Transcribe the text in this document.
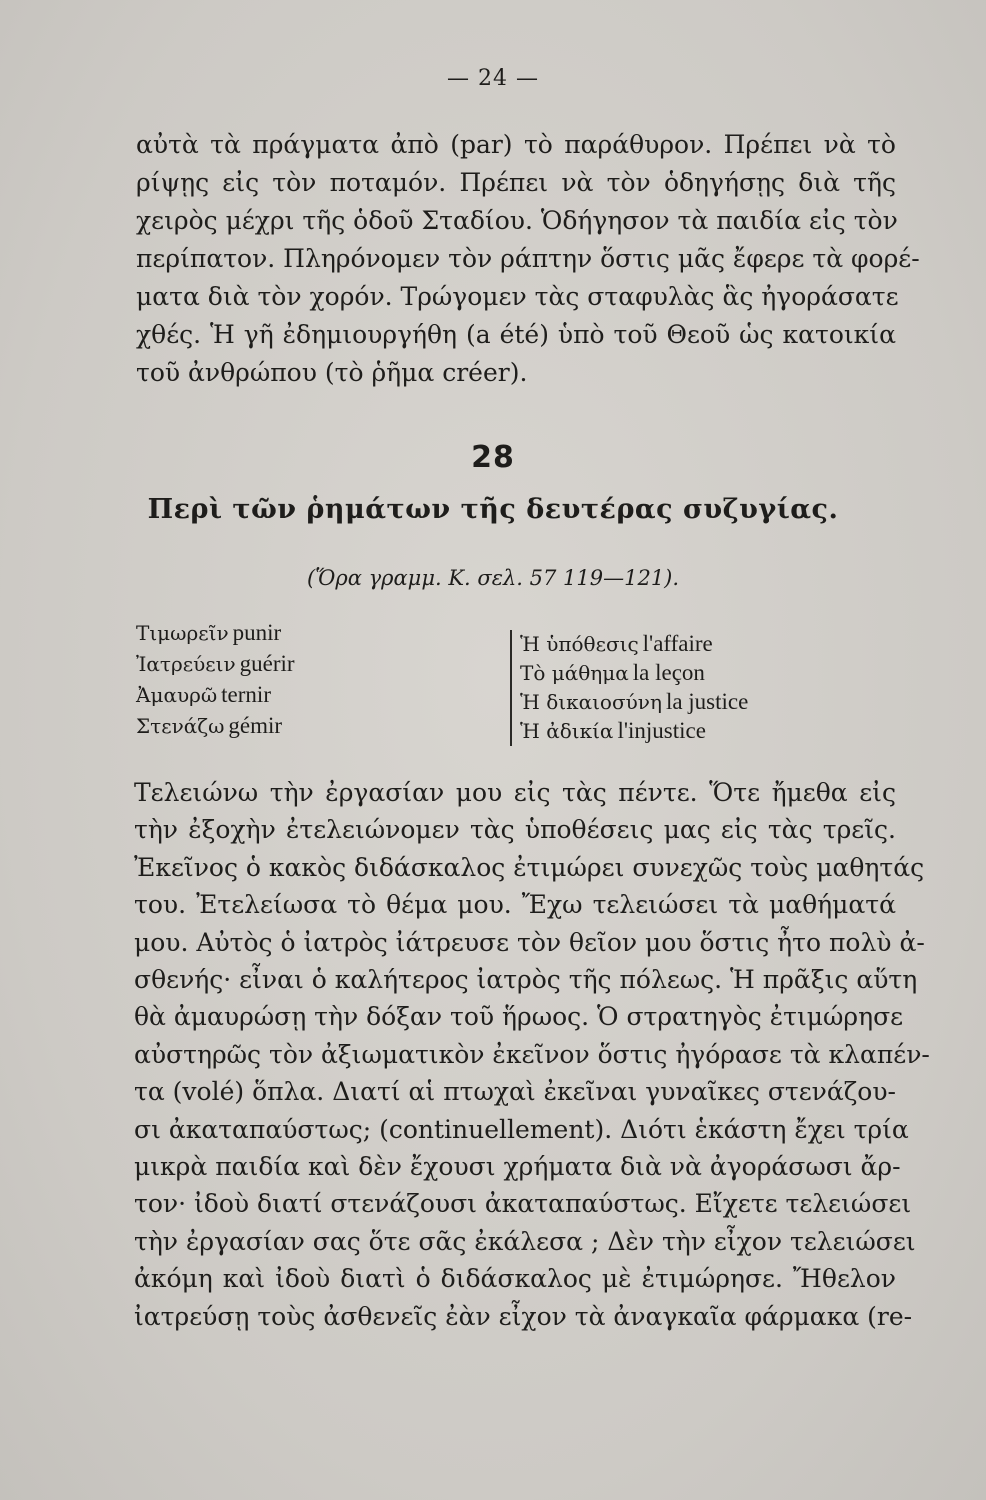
— 24 —

αὐτὰ τὰ πράγματα ἀπὸ (par) τὸ παράθυρον. Πρέπει νὰ τὸ
ρίψῃς εἰς τὸν ποταμόν. Πρέπει νὰ τὸν ὁδηγήσῃς διὰ τῆς
χειρὸς μέχρι τῆς ὁδοῦ Σταδίου. Ὁδήγησον τὰ παιδία εἰς τὸν
περίπατον. Πληρόνομεν τὸν ράπτην ὅστις μᾶς ἔφερε τὰ φορέ-
ματα διὰ τὸν χορόν. Τρώγομεν τὰς σταφυλὰς ἃς ἠγοράσατε
χθές. Ἡ γῆ ἐδημιουργήθη (a été) ὑπὸ τοῦ Θεοῦ ὡς κατοικία
τοῦ ἀνθρώπου (τὸ ῥῆμα créer).

28
Περὶ τῶν ῥημάτων τῆς δευτέρας συζυγίας.
(Ὅρα γραμμ. Κ. σελ. 57 119—121).
Τιμωρεῖν punir
Ἰατρεύειν guérir
Ἀμαυρῶ ternir
Στενάζω gémir
Ἡ ὑπόθεσις l'affaire
Τὸ μάθημα la leçon
Ἡ δικαιοσύνη la justice
Ἡ ἀδικία l'injustice

Τελειώνω τὴν ἐργασίαν μου εἰς τὰς πέντε. Ὅτε ἤμεθα εἰς
τὴν ἐξοχὴν ἐτελειώνομεν τὰς ὑποθέσεις μας εἰς τὰς τρεῖς.
Ἐκεῖνος ὁ κακὸς διδάσκαλος ἐτιμώρει συνεχῶς τοὺς μαθητάς
του. Ἐτελείωσα τὸ θέμα μου. Ἔχω τελειώσει τὰ μαθήματά
μου. Αὐτὸς ὁ ἰατρὸς ἰάτρευσε τὸν θεῖον μου ὅστις ἦτο πολὺ ἀ-
σθενής· εἶναι ὁ καλήτερος ἰατρὸς τῆς πόλεως. Ἡ πρᾶξις αὕτη
θὰ ἀμαυρώσῃ τὴν δόξαν τοῦ ἥρωος. Ὁ στρατηγὸς ἐτιμώρησε
αὐστηρῶς τὸν ἀξιωματικὸν ἐκεῖνον ὅστις ἠγόρασε τὰ κλαπέν-
τα (volé) ὅπλα. Διατί αἱ πτωχαὶ ἐκεῖναι γυναῖκες στενάζου-
σι ἀκαταπαύστως; (continuellement). Διότι ἑκάστη ἔχει τρία
μικρὰ παιδία καὶ δὲν ἔχουσι χρήματα διὰ νὰ ἀγοράσωσι ἄρ-
τον· ἰδοὺ διατί στενάζουσι ἀκαταπαύστως. Εἴχετε τελειώσει
τὴν ἐργασίαν σας ὅτε σᾶς ἐκάλεσα ; Δὲν τὴν εἶχον τελειώσει
ἀκόμη καὶ ἰδοὺ διατὶ ὁ διδάσκαλος μὲ ἐτιμώρησε. Ἤθελον
ἰατρεύσῃ τοὺς ἀσθενεῖς ἐὰν εἶχον τὰ ἀναγκαῖα φάρμακα (re-
